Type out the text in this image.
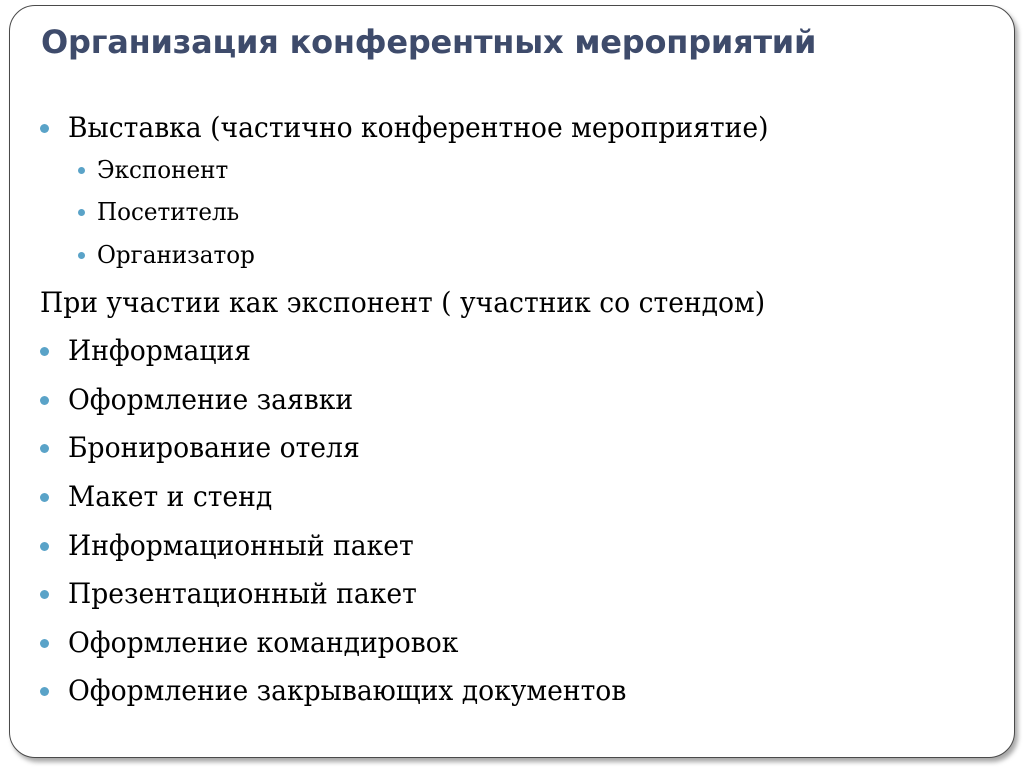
Организация конферентных мероприятий
Выставка (частично конферентное мероприятие)
Экспонент
Посетитель
Организатор
При участии как экспонент ( участник со стендом)
Информация
Оформление заявки
Бронирование отеля
Макет и стенд
Информационный пакет
Презентационный пакет
Оформление командировок
Оформление закрывающих документов
